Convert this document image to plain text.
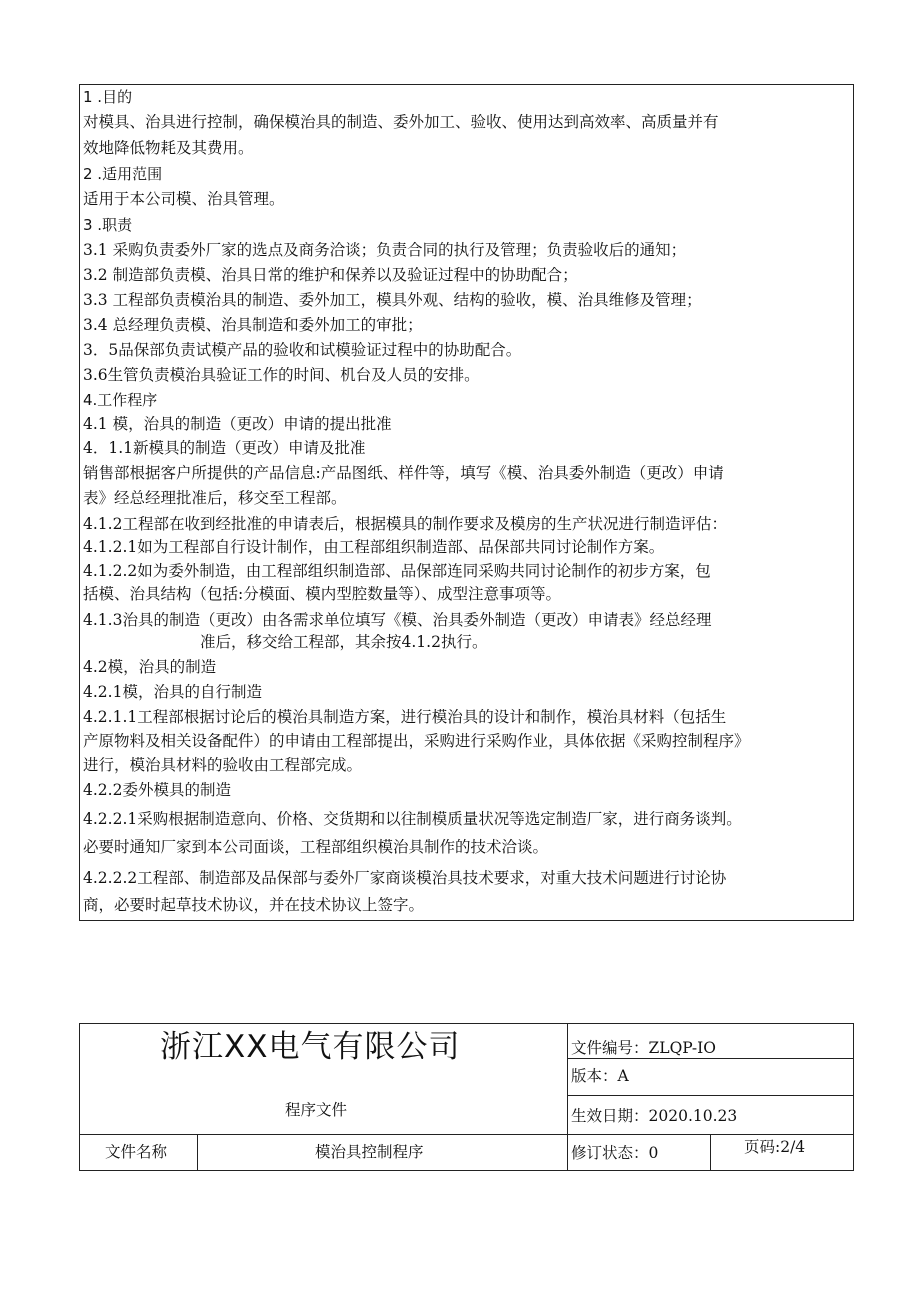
1 .目的
对模具、治具进行控制，确保模治具的制造、委外加工、验收、使用达到高效率、高质量并有
效地降低物耗及其费用。
2 .适用范围
适用于本公司模、治具管理。
3 .职责
3.1 采购负责委外厂家的选点及商务洽谈；负责合同的执行及管理；负责验收后的通知；
3.2 制造部负责模、治具日常的维护和保养以及验证过程中的协助配合；
3.3 工程部负责模治具的制造、委外加工，模具外观、结构的验收，模、治具维修及管理；
3.4 总经理负责模、治具制造和委外加工的审批；
3．5品保部负责试模产品的验收和试模验证过程中的协助配合。
3.6生管负责模治具验证工作的时间、机台及人员的安排。
4.工作程序
4.1 模，治具的制造（更改）申请的提出批准
4．1.1新模具的制造（更改）申请及批准
销售部根据客户所提供的产品信息:产品图纸、样件等，填写《模、治具委外制造（更改）申请
表》经总经理批准后，移交至工程部。
4.1.2工程部在收到经批准的申请表后，根据模具的制作要求及模房的生产状况进行制造评估：
4.1.2.1如为工程部自行设计制作，由工程部组织制造部、品保部共同讨论制作方案。
4.1.2.2如为委外制造，由工程部组织制造部、品保部连同采购共同讨论制作的初步方案，包
括模、治具结构（包括:分模面、模内型腔数量等）、成型注意事项等。
4.1.3治具的制造（更改）由各需求单位填写《模、治具委外制造（更改）申请表》经总经理
准后，移交给工程部，其余按4.1.2执行。
4.2模，治具的制造
4.2.1模，治具的自行制造
4.2.1.1工程部根据讨论后的模治具制造方案，进行模治具的设计和制作，模治具材料（包括生
产原物料及相关设备配件）的申请由工程部提出，采购进行采购作业，具体依据《采购控制程序》
进行，模治具材料的验收由工程部完成。
4.2.2委外模具的制造
4.2.2.1采购根据制造意向、价格、交货期和以往制模质量状况等选定制造厂家，进行商务谈判。
必要时通知厂家到本公司面谈，工程部组织模治具制作的技术洽谈。
4.2.2.2工程部、制造部及品保部与委外厂家商谈模治具技术要求，对重大技术问题进行讨论协
商，必要时起草技术协议，并在技术协议上签字。
浙江XX电气有限公司
程序文件
文件编号：ZLQP-IO
版本：A
生效日期：2020.10.23
文件名称	模治具控制程序	修订状态：0	页码:2/4
